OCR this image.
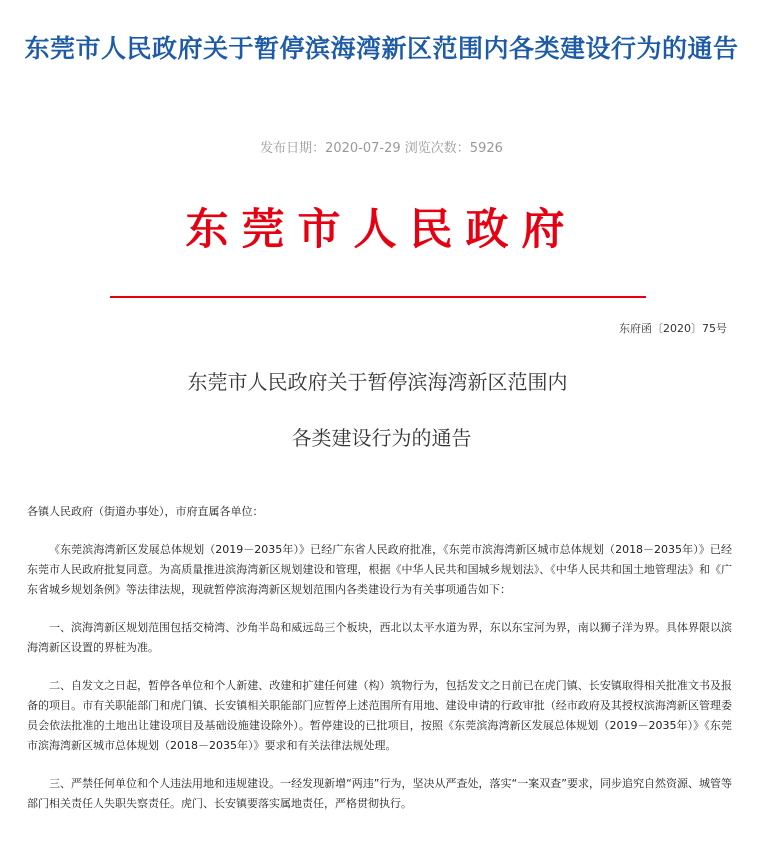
东莞市人民政府关于暂停滨海湾新区范围内各类建设行为的通告
发布日期：2020-07-29 浏览次数：5926
东莞市人民政府
东府函〔2020〕75号
东莞市人民政府关于暂停滨海湾新区范围内
各类建设行为的通告

各镇人民政府（街道办事处），市府直属各单位：

《东莞滨海湾新区发展总体规划（2019－2035年）》已经广东省人民政府批准，《东莞市滨海湾新区城市总体规划（2018－2035年）》已经东莞市人民政府批复同意。为高质量推进滨海湾新区规划建设和管理，根据《中华人民共和国城乡规划法》、《中华人民共和国土地管理法》和《广东省城乡规划条例》等法律法规，现就暂停滨海湾新区规划范围内各类建设行为有关事项通告如下：

一、滨海湾新区规划范围包括交椅湾、沙角半岛和威远岛三个板块，西北以太平水道为界，东以东宝河为界，南以狮子洋为界。具体界限以滨海湾新区设置的界桩为准。

二、自发文之日起，暂停各单位和个人新建、改建和扩建任何建（构）筑物行为，包括发文之日前已在虎门镇、长安镇取得相关批准文书及报备的项目。市有关职能部门和虎门镇、长安镇相关职能部门应暂停上述范围所有用地、建设申请的行政审批（经市政府及其授权滨海湾新区管理委员会依法批准的土地出让建设项目及基础设施建设除外）。暂停建设的已批项目，按照《东莞滨海湾新区发展总体规划（2019－2035年）》《东莞市滨海湾新区城市总体规划（2018－2035年）》要求和有关法律法规处理。

三、严禁任何单位和个人违法用地和违规建设。一经发现新增“两违”行为，坚决从严查处，落实“一案双查”要求，同步追究自然资源、城管等部门相关责任人失职失察责任。虎门、长安镇要落实属地责任，严格贯彻执行。
